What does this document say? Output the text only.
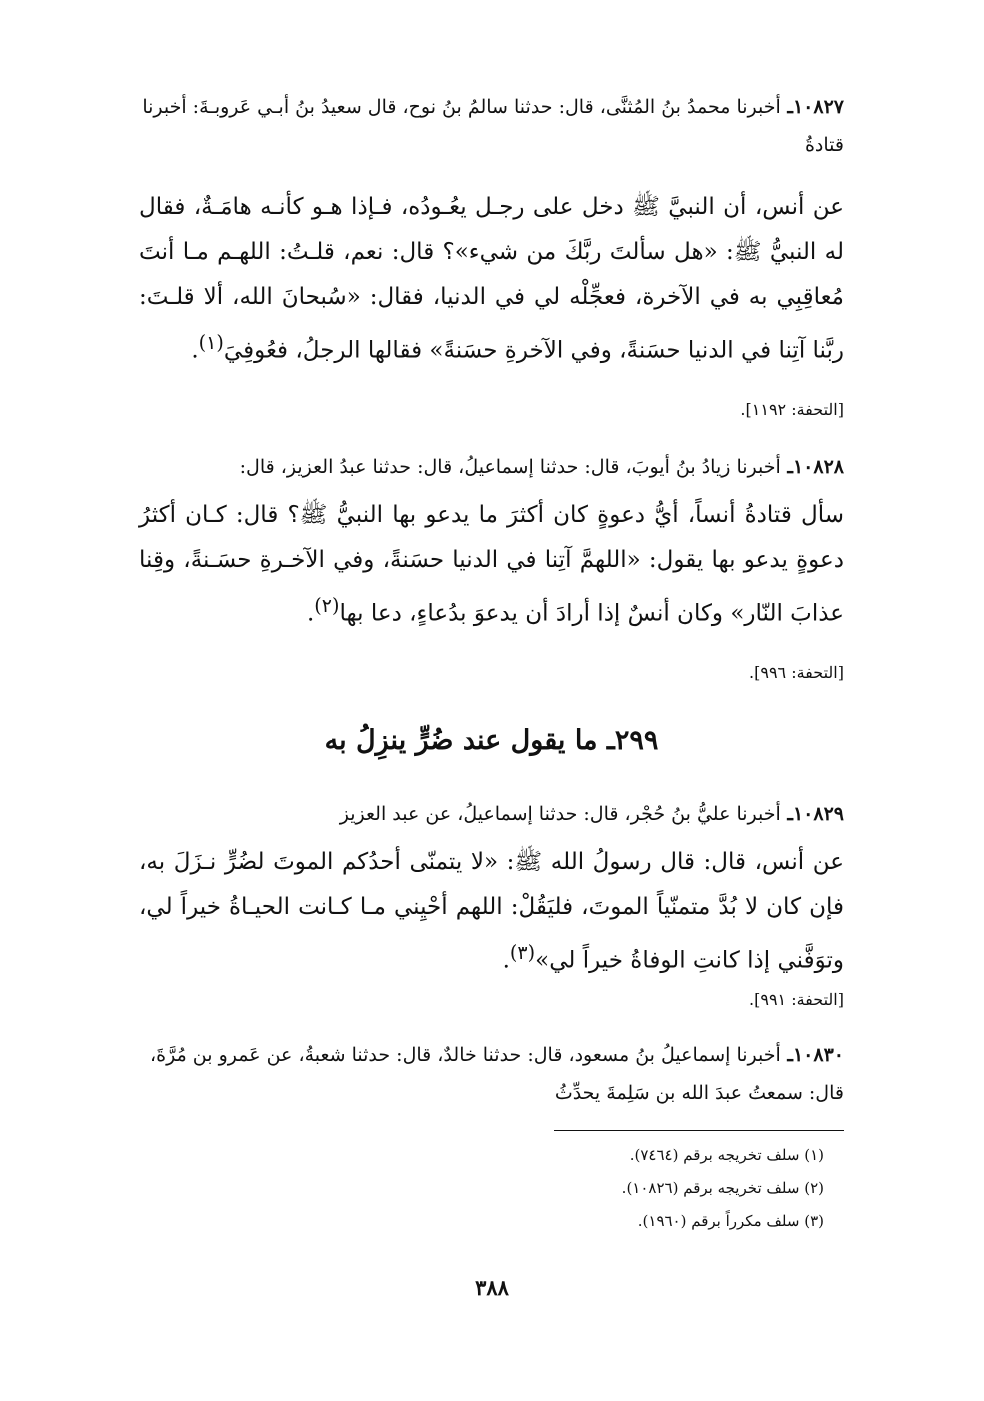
١٠٨٢٧ـ أخبرنا محمدُ بنُ المُثنَّى، قال: حدثنا سالمُ بنُ نوح، قال سعيدُ بنُ أبـي عَروبـةَ: أخبرنا قتادةُ

عن أنس، أن النبيَّ ﷺ دخل على رجـل يعُـودُه، فـإذا هـو كأنـه هامَـةٌ، فقال له النبيُّ ﷺ: «هل سألتَ ربَّكَ من شيء»؟ قال: نعم، قلـتُ: اللهـم مـا أنتَ مُعاقِبِي به في الآخرة، فعجِّلْه لي في الدنيا، فقال: «سُبحانَ الله، ألا قلـتَ: ربَّنا آتِنا في الدنيا حسَنةً، وفي الآخرةِ حسَنةً» فقالها الرجلُ، فعُوفِيَ$^{(١)}$.

[التحفة: ١١٩٢].

١٠٨٢٨ـ أخبرنا زيادُ بنُ أيوبَ، قال: حدثنا إسماعيلُ، قال: حدثنا عبدُ العزيز، قال:

سأل قتادةُ أنساً، أيُّ دعوةٍ كان أكثرَ ما يدعو بها النبيُّ ﷺ؟ قال: كـان أكثرُ دعوةٍ يدعو بها يقول: «اللهمَّ آتِنا في الدنيا حسَنةً، وفي الآخـرةِ حسَـنةً، وقِنا عذابَ النّار» وكان أنسٌ إذا أرادَ أن يدعوَ بدُعاءٍ، دعا بها$^{(٢)}$.

[التحفة: ٩٩٦].

٢٩٩ـ ما يقول عند ضُرٍّ ينزِلُ به

١٠٨٢٩ـ أخبرنا عليُّ بنُ حُجْر، قال: حدثنا إسماعيلُ، عن عبد العزيز

عن أنس، قال: قال رسولُ الله ﷺ: «لا يتمنّى أحدُكم الموتَ لضُرٍّ نـزَلَ به، فإن كان لا بُدَّ متمنّياً الموتَ، فليَقُلْ: اللهم أحْيِني مـا كـانت الحيـاةُ خيراً لي، وتوَفَّني إذا كانتِ الوفاةُ خيراً لي»$^{(٣)}$.

[التحفة: ٩٩١].

١٠٨٣٠ـ أخبرنا إسماعيلُ بنُ مسعود، قال: حدثنا خالدٌ، قال: حدثنا شعبةُ، عن عَمرو بن مُرَّةَ، قال: سمعتُ عبدَ الله بن سَلِمةَ يحدِّثُ

(١) سلف تخريجه برقم (٧٤٦٤).

(٢) سلف تخريجه برقم (١٠٨٢٦).

(٣) سلف مكرراً برقم (١٩٦٠).

٣٨٨
